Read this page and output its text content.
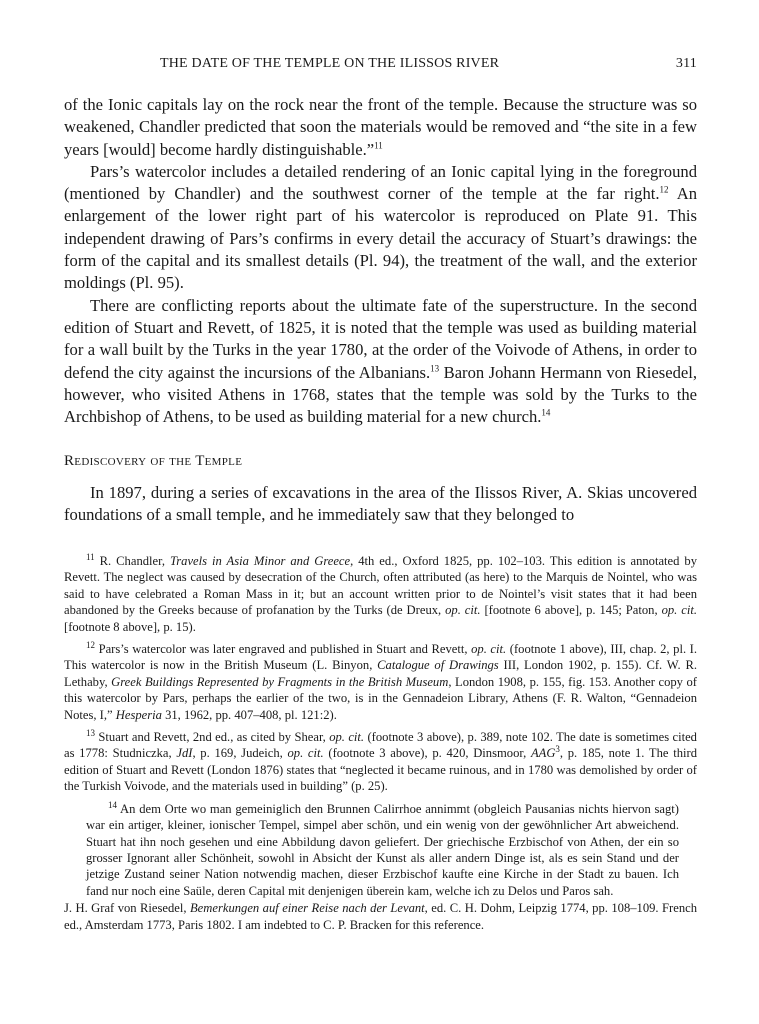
THE DATE OF THE TEMPLE ON THE ILISSOS RIVER	311

of the Ionic capitals lay on the rock near the front of the temple. Because the structure was so weakened, Chandler predicted that soon the materials would be removed and “the site in a few years [would] become hardly distinguishable.”$^{11}$

Pars’s watercolor includes a detailed rendering of an Ionic capital lying in the foreground (mentioned by Chandler) and the southwest corner of the temple at the far right.$^{12}$ An enlargement of the lower right part of his watercolor is reproduced on Plate 91. This independent drawing of Pars’s confirms in every detail the accuracy of Stuart’s drawings: the form of the capital and its smallest details (Pl. 94), the treatment of the wall, and the exterior moldings (Pl. 95).

There are conflicting reports about the ultimate fate of the superstructure. In the second edition of Stuart and Revett, of 1825, it is noted that the temple was used as building material for a wall built by the Turks in the year 1780, at the order of the Voivode of Athens, in order to defend the city against the incursions of the Albanians.$^{13}$ Baron Johann Hermann von Riesedel, however, who visited Athens in 1768, states that the temple was sold by the Turks to the Archbishop of Athens, to be used as building material for a new church.$^{14}$

Rediscovery of the Temple
In 1897, during a series of excavations in the area of the Ilissos River, A. Skias uncovered foundations of a small temple, and he immediately saw that they belonged to

$^{11}$ R. Chandler, Travels in Asia Minor and Greece, 4th ed., Oxford 1825, pp. 102–103. This edition is annotated by Revett. The neglect was caused by desecration of the Church, often attributed (as here) to the Marquis de Nointel, who was said to have celebrated a Roman Mass in it; but an account written prior to de Nointel’s visit states that it had been abandoned by the Greeks because of profanation by the Turks (de Dreux, op. cit. [footnote 6 above], p. 145; Paton, op. cit. [footnote 8 above], p. 15).

$^{12}$ Pars’s watercolor was later engraved and published in Stuart and Revett, op. cit. (footnote 1 above), III, chap. 2, pl. I. This watercolor is now in the British Museum (L. Binyon, Catalogue of Drawings III, London 1902, p. 155). Cf. W. R. Lethaby, Greek Buildings Represented by Fragments in the British Museum, London 1908, p. 155, fig. 153. Another copy of this watercolor by Pars, perhaps the earlier of the two, is in the Gennadeion Library, Athens (F. R. Walton, “Gennadeion Notes, I,” Hesperia 31, 1962, pp. 407–408, pl. 121:2).

$^{13}$ Stuart and Revett, 2nd ed., as cited by Shear, op. cit. (footnote 3 above), p. 389, note 102. The date is sometimes cited as 1778: Studniczka, JdI, p. 169, Judeich, op. cit. (footnote 3 above), p. 420, Dinsmoor, AAG$^3$, p. 185, note 1. The third edition of Stuart and Revett (London 1876) states that “neglected it became ruinous, and in 1780 was demolished by order of the Turkish Voivode, and the materials used in building” (p. 25).

$^{14}$ An dem Orte wo man gemeiniglich den Brunnen Calirrhoe annimmt (obgleich Pausanias nichts hiervon sagt) war ein artiger, kleiner, ionischer Tempel, simpel aber schön, und ein wenig von der gewöhnlicher Art abweichend. Stuart hat ihn noch gesehen und eine Abbildung davon geliefert. Der griechische Erzbischof von Athen, der ein so grosser Ignorant aller Schönheit, sowohl in Absicht der Kunst als aller andern Dinge ist, als es sein Stand und der jetzige Zustand seiner Nation notwendig machen, dieser Erzbischof kaufte eine Kirche in der Stadt zu bauen. Ich fand nur noch eine Saüle, deren Capital mit denjenigen überein kam, welche ich zu Delos und Paros sah.

J. H. Graf von Riesedel, Bemerkungen auf einer Reise nach der Levant, ed. C. H. Dohm, Leipzig 1774, pp. 108–109. French ed., Amsterdam 1773, Paris 1802. I am indebted to C. P. Bracken for this reference.
